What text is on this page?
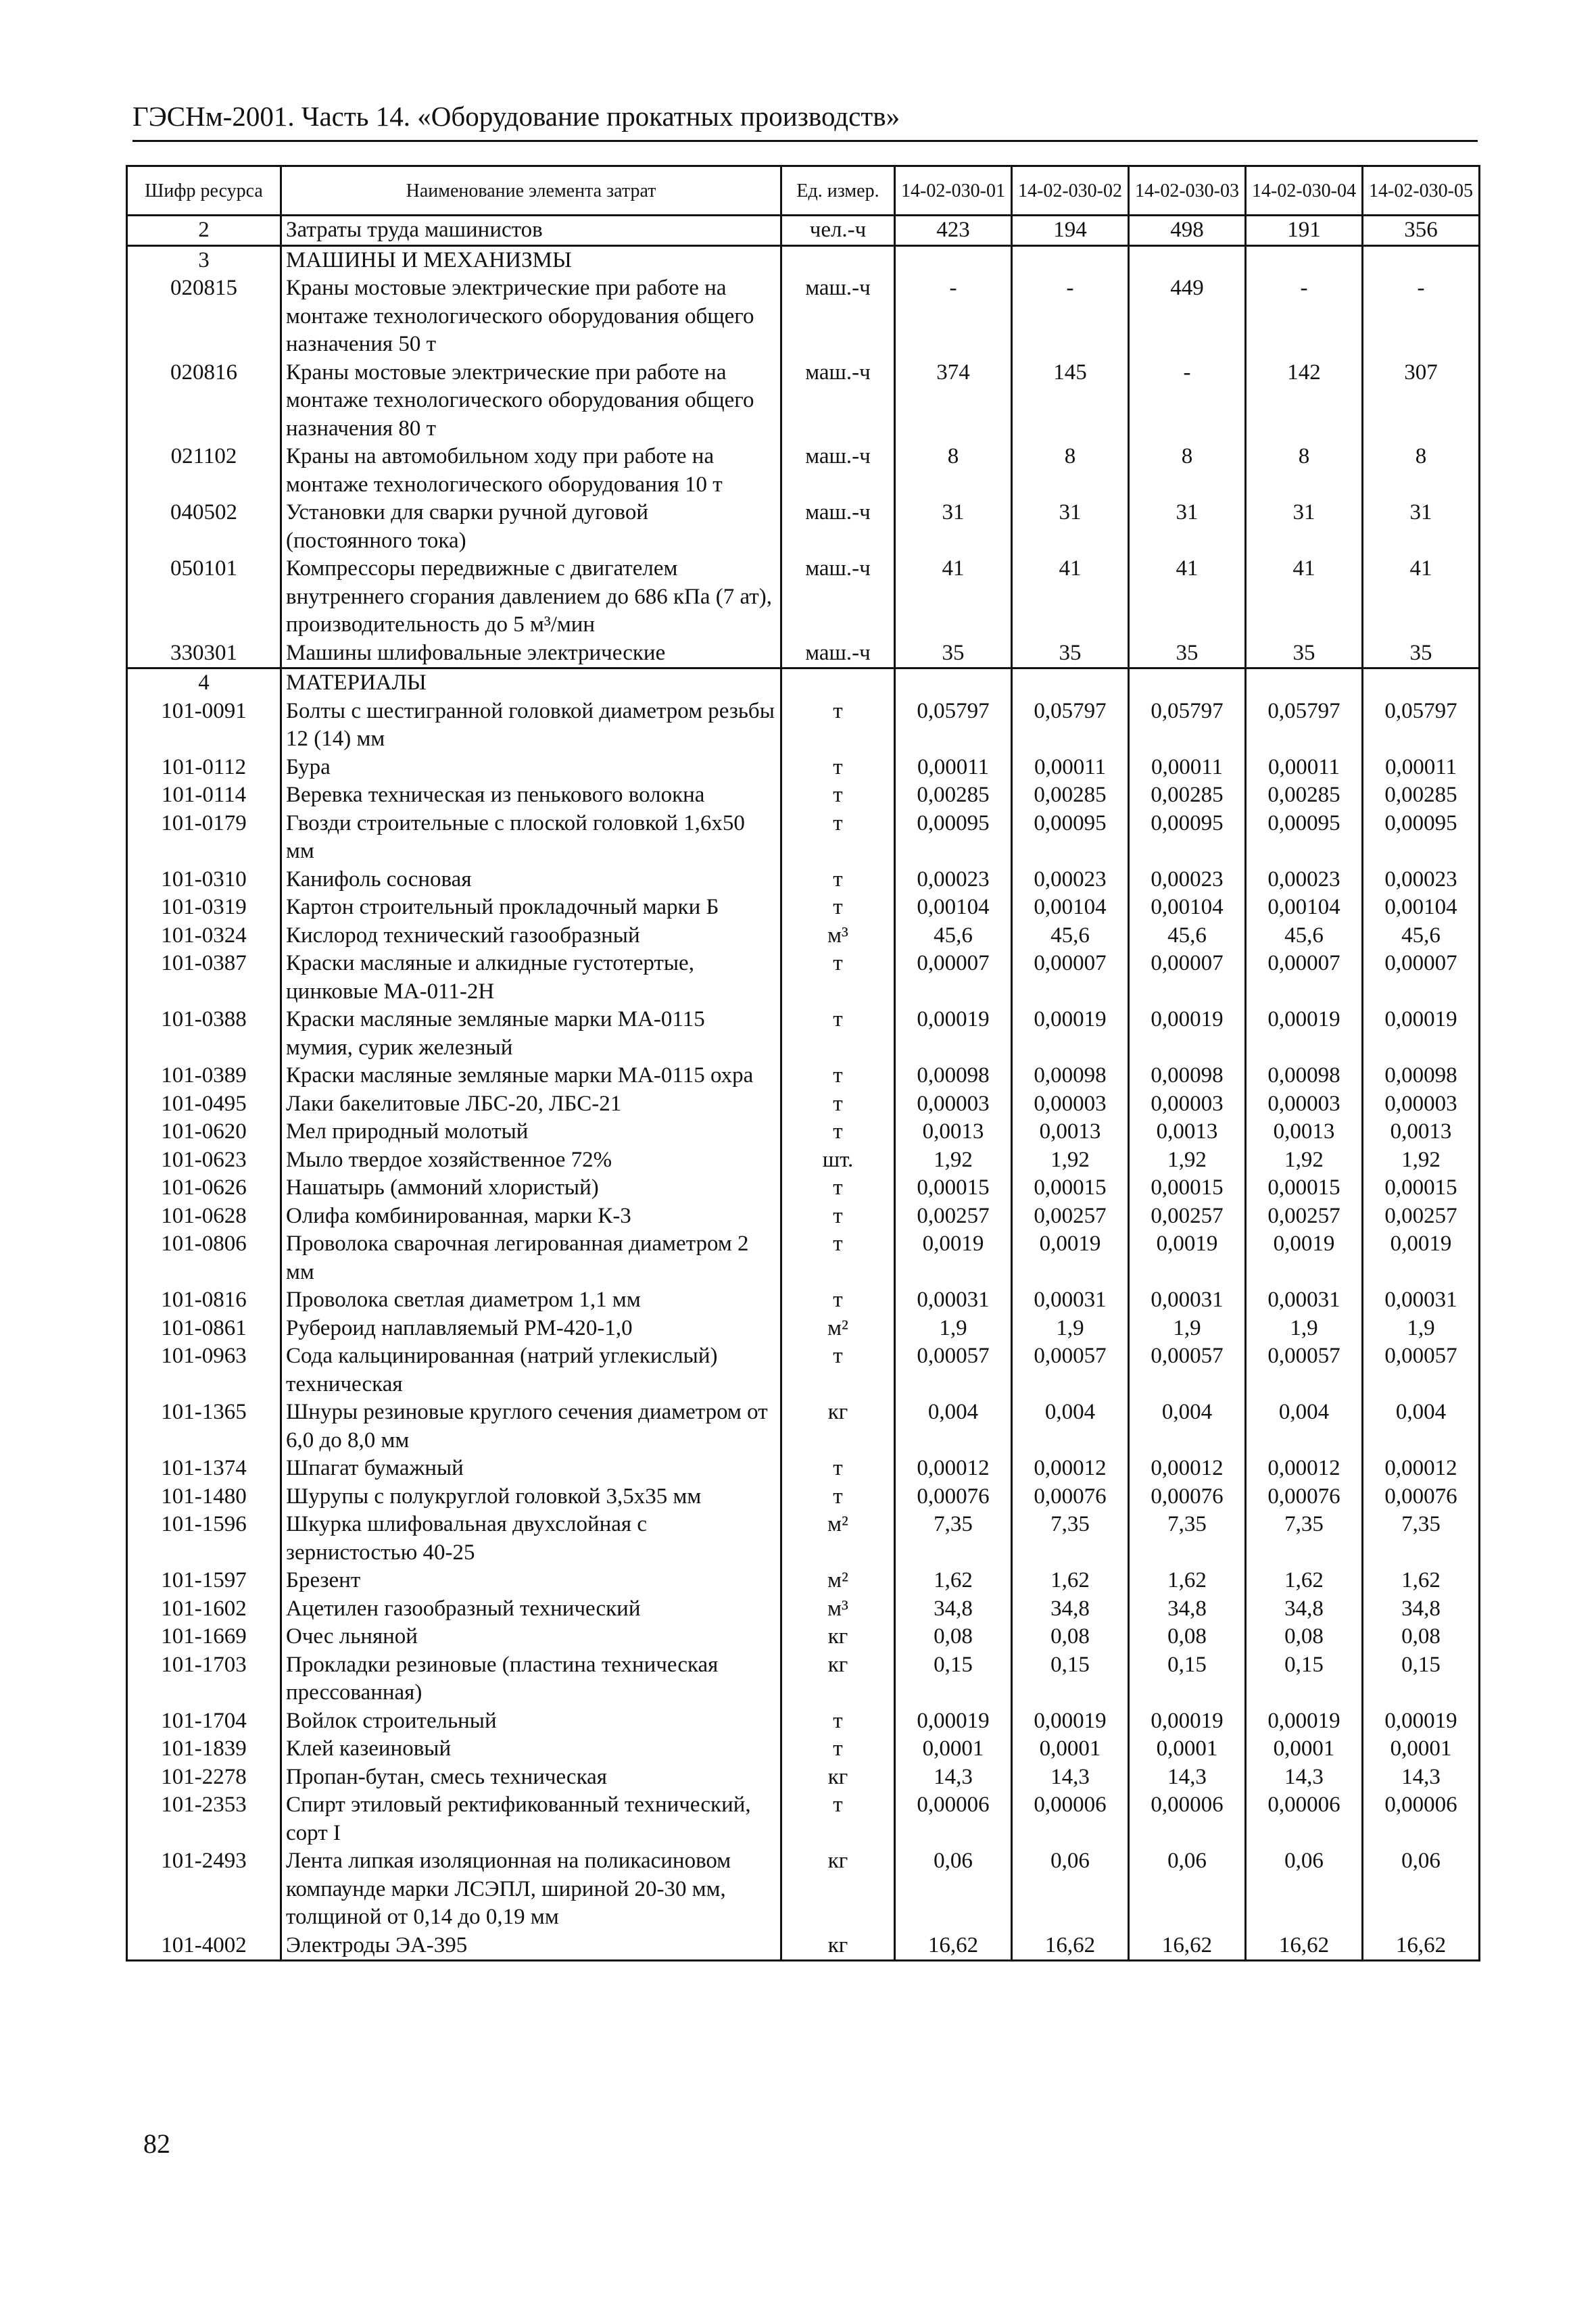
ГЭСНм-2001. Часть 14. «Оборудование прокатных производств»
Шифр ресурса	Наименование элемента затрат	Ед. измер.	14-02-030-01	14-02-030-02	14-02-030-03	14-02-030-04	14-02-030-05
2	Затраты труда машинистов	чел.-ч	423	194	498	191	356
3	МАШИНЫ И МЕХАНИЗМЫ						
020815	Краны мостовые электрические при работе на монтаже технологического оборудования общего назначения 50 т	маш.-ч	-	-	449	-	-
020816	Краны мостовые электрические при работе на монтаже технологического оборудования общего назначения 80 т	маш.-ч	374	145	-	142	307
021102	Краны на автомобильном ходу при работе на монтаже технологического оборудования 10 т	маш.-ч	8	8	8	8	8
040502	Установки для сварки ручной дуговой (постоянного тока)	маш.-ч	31	31	31	31	31
050101	Компрессоры передвижные с двигателем внутреннего сгорания давлением до 686 кПа (7 ат), производительность до 5 м³/мин	маш.-ч	41	41	41	41	41
330301	Машины шлифовальные электрические	маш.-ч	35	35	35	35	35
4	МАТЕРИАЛЫ						
101-0091	Болты с шестигранной головкой диаметром резьбы 12 (14) мм	т	0,05797	0,05797	0,05797	0,05797	0,05797
101-0112	Бура	т	0,00011	0,00011	0,00011	0,00011	0,00011
101-0114	Веревка техническая из пенькового волокна	т	0,00285	0,00285	0,00285	0,00285	0,00285
101-0179	Гвозди строительные с плоской головкой 1,6х50 мм	т	0,00095	0,00095	0,00095	0,00095	0,00095
101-0310	Канифоль сосновая	т	0,00023	0,00023	0,00023	0,00023	0,00023
101-0319	Картон строительный прокладочный марки Б	т	0,00104	0,00104	0,00104	0,00104	0,00104
101-0324	Кислород технический газообразный	м³	45,6	45,6	45,6	45,6	45,6
101-0387	Краски масляные и алкидные густотертые, цинковые МА-011-2Н	т	0,00007	0,00007	0,00007	0,00007	0,00007
101-0388	Краски масляные земляные марки МА-0115 мумия, сурик железный	т	0,00019	0,00019	0,00019	0,00019	0,00019
101-0389	Краски масляные земляные марки МА-0115 охра	т	0,00098	0,00098	0,00098	0,00098	0,00098
101-0495	Лаки бакелитовые ЛБС-20, ЛБС-21	т	0,00003	0,00003	0,00003	0,00003	0,00003
101-0620	Мел природный молотый	т	0,0013	0,0013	0,0013	0,0013	0,0013
101-0623	Мыло твердое хозяйственное 72%	шт.	1,92	1,92	1,92	1,92	1,92
101-0626	Нашатырь (аммоний хлористый)	т	0,00015	0,00015	0,00015	0,00015	0,00015
101-0628	Олифа комбинированная, марки К-3	т	0,00257	0,00257	0,00257	0,00257	0,00257
101-0806	Проволока сварочная легированная диаметром 2 мм	т	0,0019	0,0019	0,0019	0,0019	0,0019
101-0816	Проволока светлая диаметром 1,1 мм	т	0,00031	0,00031	0,00031	0,00031	0,00031
101-0861	Рубероид наплавляемый РМ-420-1,0	м²	1,9	1,9	1,9	1,9	1,9
101-0963	Сода кальцинированная (натрий углекислый) техническая	т	0,00057	0,00057	0,00057	0,00057	0,00057
101-1365	Шнуры резиновые круглого сечения диаметром от 6,0 до 8,0 мм	кг	0,004	0,004	0,004	0,004	0,004
101-1374	Шпагат бумажный	т	0,00012	0,00012	0,00012	0,00012	0,00012
101-1480	Шурупы с полукруглой головкой 3,5х35 мм	т	0,00076	0,00076	0,00076	0,00076	0,00076
101-1596	Шкурка шлифовальная двухслойная с зернистостью 40-25	м²	7,35	7,35	7,35	7,35	7,35
101-1597	Брезент	м²	1,62	1,62	1,62	1,62	1,62
101-1602	Ацетилен газообразный технический	м³	34,8	34,8	34,8	34,8	34,8
101-1669	Очес льняной	кг	0,08	0,08	0,08	0,08	0,08
101-1703	Прокладки резиновые (пластина техническая прессованная)	кг	0,15	0,15	0,15	0,15	0,15
101-1704	Войлок строительный	т	0,00019	0,00019	0,00019	0,00019	0,00019
101-1839	Клей казеиновый	т	0,0001	0,0001	0,0001	0,0001	0,0001
101-2278	Пропан-бутан, смесь техническая	кг	14,3	14,3	14,3	14,3	14,3
101-2353	Спирт этиловый ректификованный технический, сорт I	т	0,00006	0,00006	0,00006	0,00006	0,00006
101-2493	Лента липкая изоляционная на поликасиновом компаунде марки ЛСЭПЛ, шириной 20-30 мм, толщиной от 0,14 до 0,19 мм	кг	0,06	0,06	0,06	0,06	0,06
101-4002	Электроды ЭА-395	кг	16,62	16,62	16,62	16,62	16,62
82
